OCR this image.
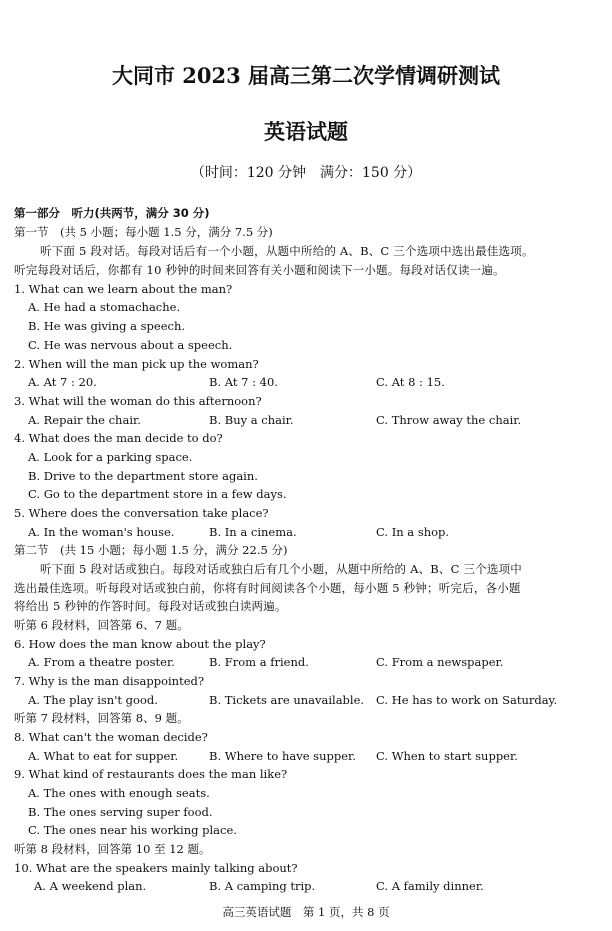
大同市 2023 届高三第二次学情调研测试
英语试题
（时间：120 分钟　满分：150 分）
第一部分　听力(共两节，满分 30 分)
第一节　(共 5 小题；每小题 1.5 分，满分 7.5 分)
听下面 5 段对话。每段对话后有一个小题，从题中所给的 A、B、C 三个选项中选出最佳选项。
听完每段对话后，你都有 10 秒钟的时间来回答有关小题和阅读下一小题。每段对话仅读一遍。
1. What can we learn about the man?
A. He had a stomachache.
B. He was giving a speech.
C. He was nervous about a speech.
2. When will the man pick up the woman?
A. At 7 : 20.	B. At 7 : 40.	C. At 8 : 15.
3. What will the woman do this afternoon?
A. Repair the chair.	B. Buy a chair.	C. Throw away the chair.
4. What does the man decide to do?
A. Look for a parking space.
B. Drive to the department store again.
C. Go to the department store in a few days.
5. Where does the conversation take place?
A. In the woman's house.	B. In a cinema.	C. In a shop.
第二节　(共 15 小题；每小题 1.5 分，满分 22.5 分)
听下面 5 段对话或独白。每段对话或独白后有几个小题，从题中所给的 A、B、C 三个选项中
选出最佳选项。听每段对话或独白前，你将有时间阅读各个小题，每小题 5 秒钟；听完后，各小题
将给出 5 秒钟的作答时间。每段对话或独白读两遍。
听第 6 段材料，回答第 6、7 题。
6. How does the man know about the play?
A. From a theatre poster.	B. From a friend.	C. From a newspaper.
7. Why is the man disappointed?
A. The play isn't good.	B. Tickets are unavailable. C. He has to work on Saturday.
听第 7 段材料，回答第 8、9 题。
8. What can't the woman decide?
A. What to eat for supper.	B. Where to have supper. C. When to start supper.
9. What kind of restaurants does the man like?
A. The ones with enough seats.
B. The ones serving super food.
C. The ones near his working place.
听第 8 段材料，回答第 10 至 12 题。
10. What are the speakers mainly talking about?
A. A weekend plan.	B. A camping trip.	C. A family dinner.
高三英语试题　第 1 页，共 8 页
